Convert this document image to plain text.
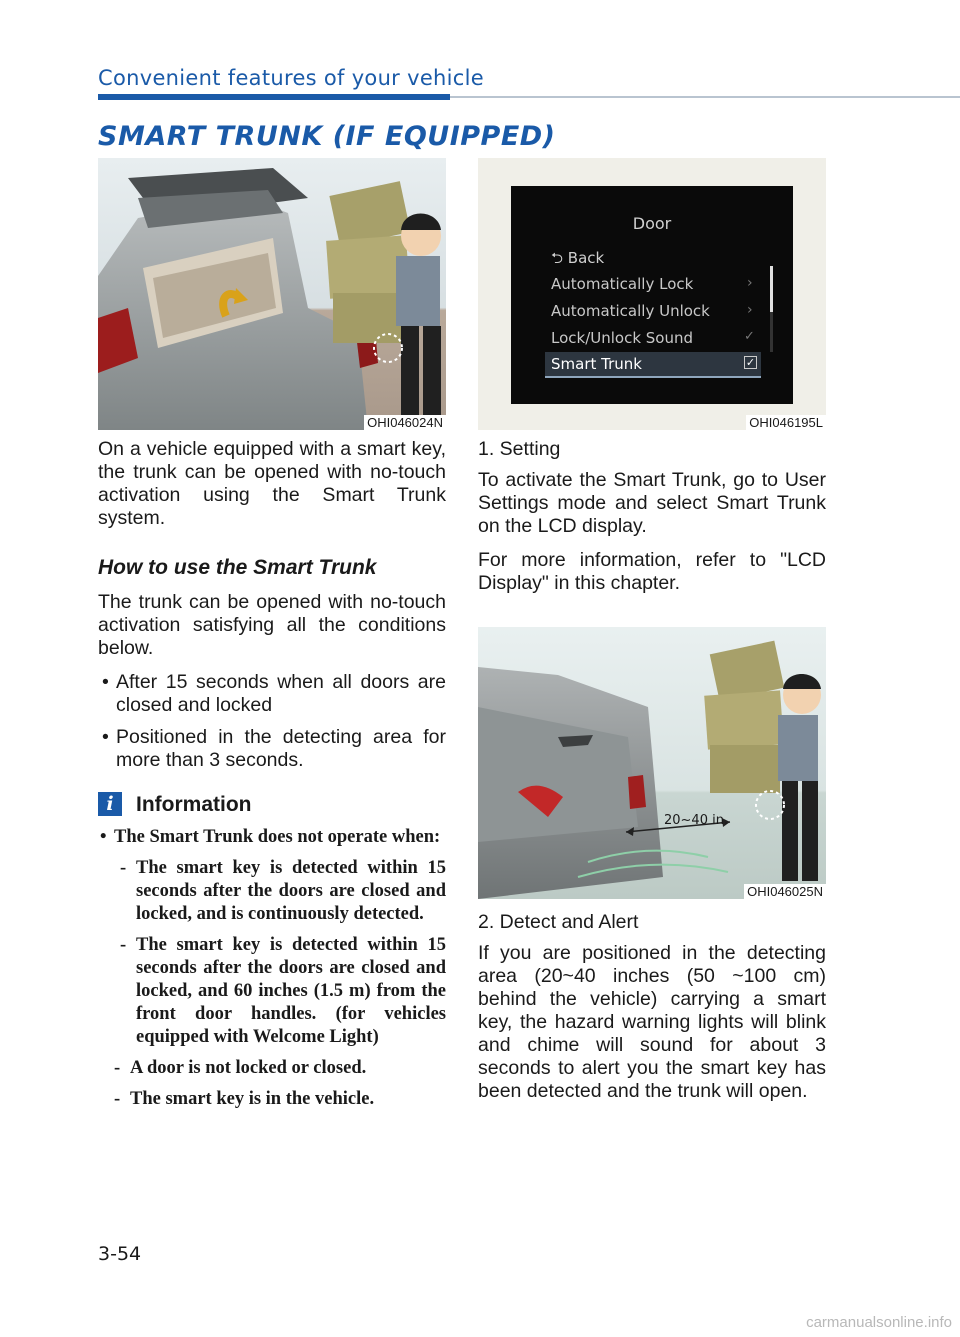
Convenient features of your vehicle
SMART TRUNK (IF EQUIPPED)
OHI046024N
Door
⮌ Back
Automatically Lock	›
Automatically Unlock	›
Lock/Unlock Sound	✓
Smart Trunk	✓
OHI046195L
20~40 in.
OHI046025N

On a vehicle equipped with a smart key, the trunk can be opened with no-touch activation using the Smart Trunk system.

How to use the Smart Trunk

The trunk can be opened with no-touch activation satisfying all the conditions below.

• After 15 seconds when all doors are closed and locked
• Positioned in the detecting area for more than 3 seconds.
i	Information
• The Smart Trunk does not operate when:
- The smart key is detected within 15 seconds after the doors are closed and locked, and is continuously detected.
- The smart key is detected within 15 seconds after the doors are closed and locked, and 60 inches (1.5 m) from the front door handles. (for vehicles equipped with Welcome Light)
- A door is not locked or closed.
- The smart key is in the vehicle.

1. Setting

To activate the Smart Trunk, go to User Settings mode and select Smart Trunk on the LCD display.

For more information, refer to "LCD Display" in this chapter.

2. Detect and Alert

If you are positioned in the detecting area (20~40 inches (50 ~100 cm) behind the vehicle) carrying a smart key, the hazard warning lights will blink and chime will sound for about 3 seconds to alert you the smart key has been detected and the trunk will open.

3-54
carmanualsonline.info
